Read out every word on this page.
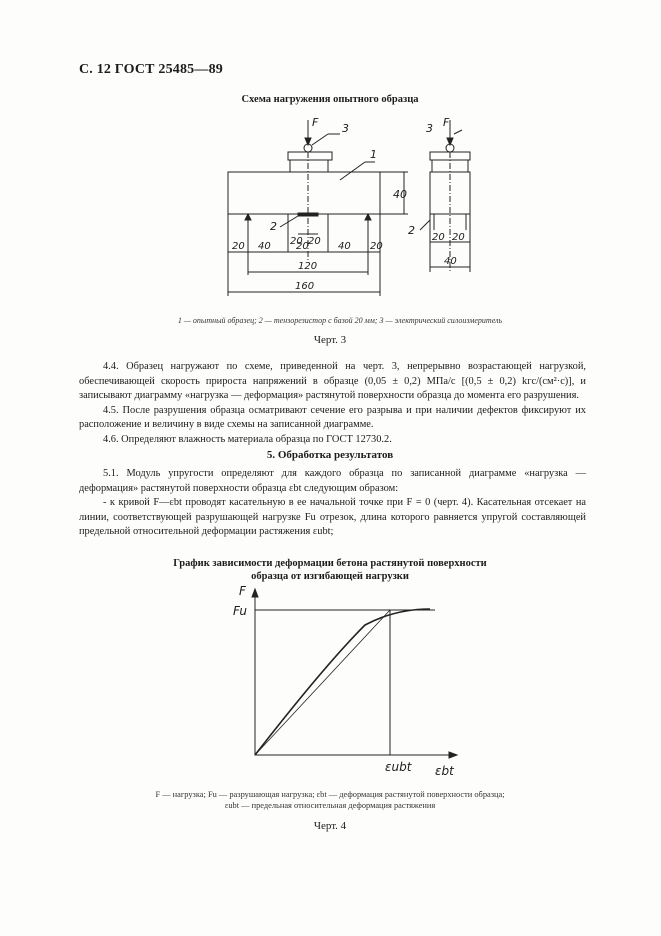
С. 12 ГОСТ 25485—89
Схема нагружения опытного образца
F 3
1
2
40
20 20
20 40	20	40 20
120
160
F
3
2
20 20
40
1 — опытный образец; 2 — тензорезистор с базой 20 мм; 3 — электрический силоизмеритель
Черт. 3

4.4. Образец нагружают по схеме, приведенной на черт. 3, непрерывно возрастающей нагрузкой, обеспечивающей скорость прироста напряжений в образце (0,05 ± 0,2) МПа/с [(0,5 ± 0,2) kгс/(см²·с)], и записывают диаграмму «нагрузка — деформация» растянутой поверхности образца до момента его разрушения.

4.5. После разрушения образца осматривают сечение его разрыва и при наличии дефектов фиксируют их расположение и величину в виде схемы на записанной диаграмме.

4.6. Определяют влажность материала образца по ГОСТ 12730.2.

5. Обработка результатов

5.1. Модуль упругости определяют для каждого образца по записанной диаграмме «нагрузка — деформация» растянутой поверхности образца εbt следующим образом:

- к кривой F—εbt проводят касательную в ее начальной точке при F = 0 (черт. 4). Касательная отсекает на линии, соответствующей разрушающей нагрузке Fu отрезок, длина которого равняется упругой составляющей предельной относительной деформации растяжения εubt;

График зависимости деформации бетона растянутой поверхности
образца от изгибающей нагрузки
F
Fu
εubt εbt
F — нагрузка; Fu — разрушающая нагрузка; εbt — деформация растянутой поверхности образца;
εubt — предельная относительная деформация растяжения
Черт. 4
